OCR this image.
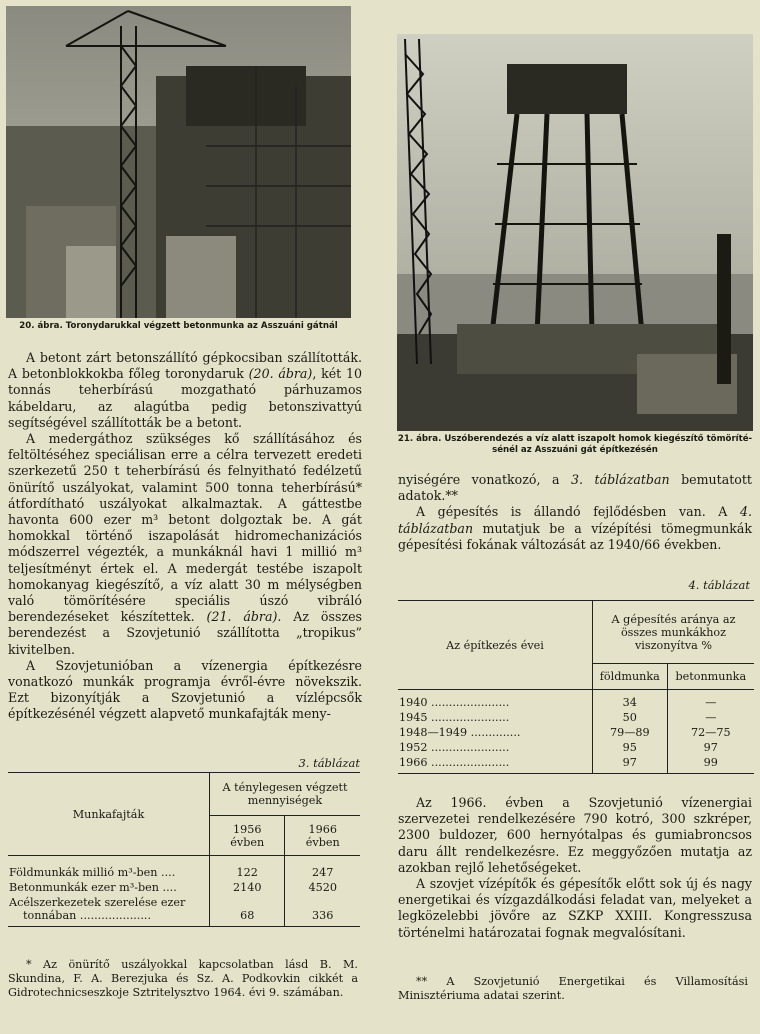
20. ábra. Toronydarukkal végzett betonmunka az Asszuáni gátnál
21. ábra. Uszóberendezés a víz alatt iszapolt homok kiegészítő tömöríté-
sénél az Asszuáni gát építkezésén

A betont zárt betonszállító gépkocsiban szállították. A betonblokkokba főleg toronydaruk (20. ábra), két 10 tonnás teherbírású mozgatható párhuzamos kábeldaru, az alagútba pedig betonszivattyú segítségével szállították be a betont.

A medergáthoz szükséges kő szállításához és feltöltéséhez speciálisan erre a célra tervezett eredeti szerkezetű 250 t teherbírású és felnyitható fedélzetű önürítő uszályokat, valamint 500 tonna teherbírású* átfordítható uszályokat alkalmaztak. A gáttestbe havonta 600 ezer m³ betont dolgoztak be. A gát homokkal történő iszapolását hidromechanizációs módszerrel végezték, a munkáknál havi 1 millió m³ teljesítményt értek el. A medergát testébe iszapolt homokanyag kiegészítő, a víz alatt 30 m mélységben való tömörítésére speciális úszó vibráló berendezéseket készítettek. (21. ábra). Az összes berendezést a Szovjetunió szállította „tropikus” kivitelben.

A Szovjetunióban a vízenergia építkezésre vonatkozó munkák programja évről-évre növekszik. Ezt bizonyítják a Szovjetunió a vízlépcsők építkezésénél végzett alapvető munkafajták meny-

3. táblázat
Munkafajták	A ténylegesen végzett mennyiségek	
	1956 évben	1966 évben
Földmunkák millió m³-ben ....	122	247
Betonmunkák ezer m³-ben ....	2140	4520

Acélszerkezetek szerelése ezer
tonnában ....................	68	336
* Az önürítő uszályokkal kapcsolatban lásd B. M. Skundina, F. A. Berezjuka és Sz. A. Podkovkin cikkét a Gidrotechnicseszkoje Sztritelysztvo 1964. évi 9. számában.

nyiségére vonatkozó, a 3. táblázatban bemutatott adatok.**

A gépesítés is állandó fejlődésben van. A 4. táblázatban mutatjuk be a vízépítési tömegmunkák gépesítési fokának változását az 1940/66 években.

4. táblázat
Az építkezés évei	A gépesítés aránya az összes munkákhoz viszonyítva %	
	földmunka	betonmunka
1940 ......................	34	—
1945 ......................	50	—
1948—1949 ..............	79—89	72—75
1952 ......................	95	97
1966 ......................	97	99

Az 1966. évben a Szovjetunió vízenergiai szervezetei rendelkezésére 790 kotró, 300 szkréper, 2300 buldozer, 600 hernyótalpas és gumiabroncsos daru állt rendelkezésre. Ez meggyőzően mutatja az azokban rejlő lehetőségeket.

A szovjet vízépítők és gépesítők előtt sok új és nagy energetikai és vízgazdálkodási feladat van, melyeket a legközelebbi jövőre az SZKP XXIII. Kongresszusa történelmi határozatai fognak megvalósítani.

** A Szovjetunió Energetikai és Villamosítási Minisztériuma adatai szerint.
